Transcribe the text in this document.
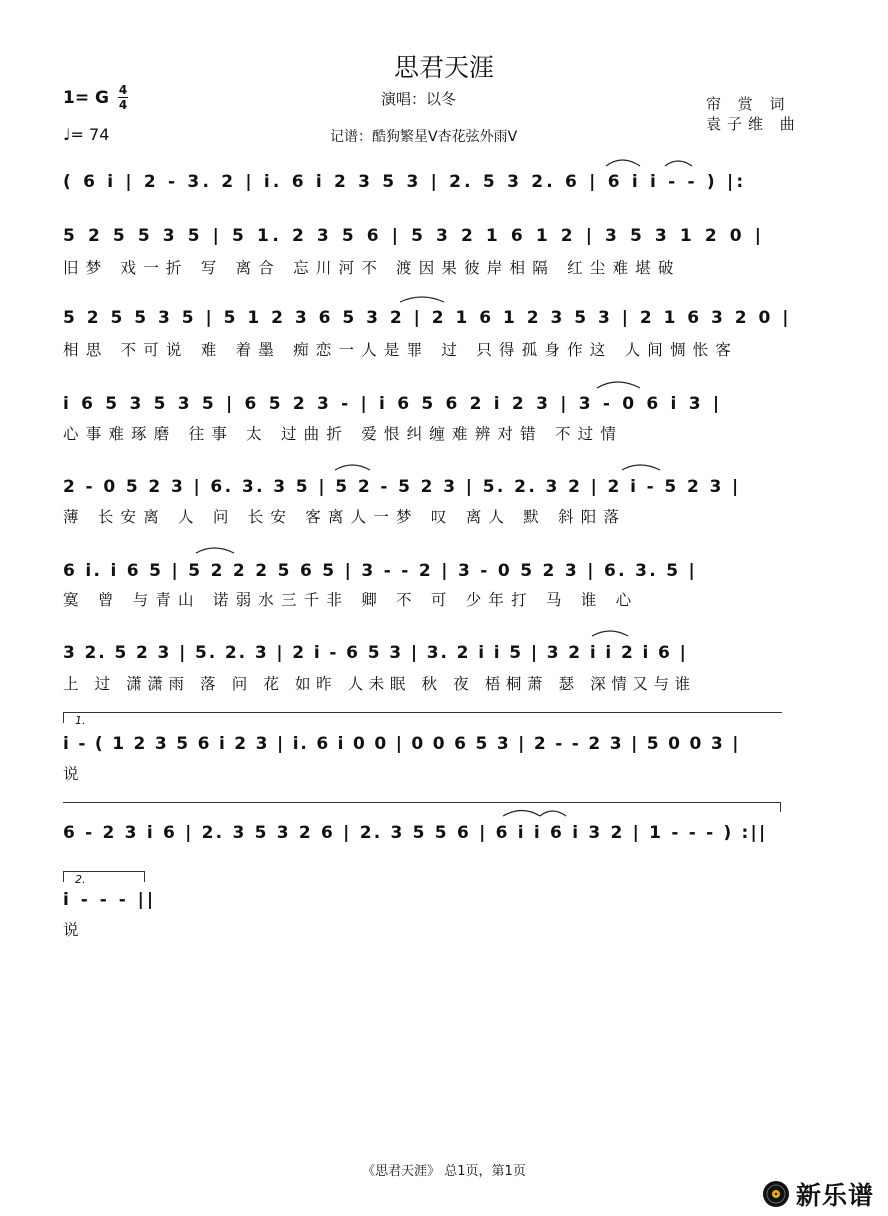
思君天涯
1= G 4
4
♩= 74
演唱：以冬
记谱：酷狗繁星V杏花弦外雨V
帘 赏 词
袁子维 曲
( 6 i | 2 - 3. 2 | i. 6 i 2 3 5 3 | 2. 5 3 2. 6 | 6 i i - - ) |:
5 2 5 5 3 5 | 5 1. 2 3 5 6 | 5 3 2 1 6 1 2 | 3 5 3 1 2 0 |
旧梦 戏一折 写 离合 忘川河不 渡因果彼岸相隔 红尘难堪破
5 2 5 5 3 5 | 5 1 2 3 6 5 3 2 | 2 1 6 1 2 3 5 3 | 2 1 6 3 2 0 |
相思 不可说 难 着墨 痴恋一人是罪 过 只得孤身作这 人间惆怅客
i 6 5 3 5 3 5 | 6 5 2 3 - | i 6 5 6 2 i 2 3 | 3 - 0 6 i 3 |
心事难琢磨 往事 太 过曲折 爱恨纠缠难辨对错 不过情
2 - 0 5 2 3 | 6. 3. 3 5 | 5 2 - 5 2 3 | 5. 2. 3 2 | 2 i - 5 2 3 |
薄 长安离 人 问 长安 客离人一梦 叹 离人 默 斜阳落
6 i. i 6 5 | 5 2 2 2 5 6 5 | 3 - - 2 | 3 - 0 5 2 3 | 6. 3. 5 |
寞 曾 与青山 诺弱水三千非 卿 不 可 少年打 马 谁 心
3 2. 5 2 3 | 5. 2. 3 | 2 i - 6 5 3 | 3. 2 i i 5 | 3 2 i i 2 i 6 |
上 过 潇潇雨 落 问 花 如昨 人未眠 秋 夜 梧桐萧 瑟 深情又与谁
1.
i - ( 1 2 3 5 6 i 2 3 | i. 6 i 0 0 | 0 0 6 5 3 | 2 - - 2 3 | 5 0 0 3 |
说
6 - 2 3 i 6 | 2. 3 5 3 2 6 | 2. 3 5 5 6 | 6 i i 6 i 3 2 | 1 - - - ) :||
2.
i - - - ||
说
《思君天涯》 总1页，第1页
新乐谱
